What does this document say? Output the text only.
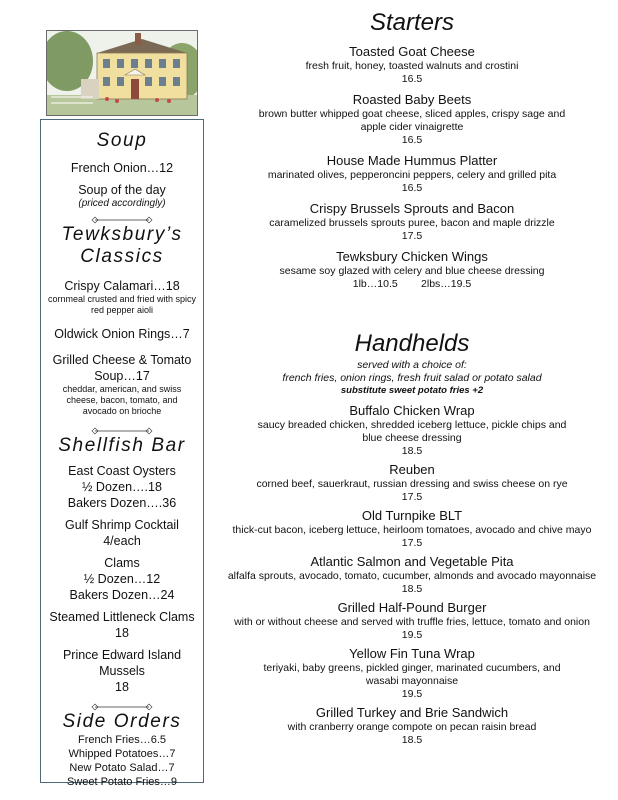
Soup
French Onion…12
Soup of the day
(priced accordingly)
Tewksbury’s Classics
Crispy Calamari…18
cornmeal crusted and fried with spicy red pepper aioli
Oldwick Onion Rings…7
Grilled Cheese & Tomato Soup…17
cheddar, american, and swiss cheese, bacon, tomato, and avocado on brioche
Shellfish Bar
East Coast Oysters
½ Dozen….18
Bakers Dozen….36
Gulf Shrimp Cocktail
4/each
Clams
½ Dozen…12
Bakers Dozen…24
Steamed Littleneck Clams
18
Prince Edward Island Mussels
18
Side Orders
French Fries…6.5
Whipped Potatoes…7
New Potato Salad…7
Sweet Potato Fries…9
Starters
Toasted Goat Cheese
fresh fruit, honey, toasted walnuts and crostini
16.5
Roasted Baby Beets
brown butter whipped goat cheese, sliced apples, crispy sage and apple cider vinaigrette
16.5
House Made Hummus Platter
marinated olives, pepperoncini peppers, celery and grilled pita
16.5
Crispy Brussels Sprouts and Bacon
caramelized brussels sprouts puree, bacon and maple drizzle
17.5
Tewksbury Chicken Wings
sesame soy glazed with celery and blue cheese dressing
1lb…10.5        2lbs…19.5
Handhelds
served with a choice of:
french fries, onion rings, fresh fruit salad or potato salad
substitute sweet potato fries +2
Buffalo Chicken Wrap
saucy breaded chicken, shredded iceberg lettuce, pickle chips and blue cheese dressing
18.5
Reuben
corned beef, sauerkraut, russian dressing and swiss cheese on rye
17.5
Old Turnpike BLT
thick-cut bacon, iceberg lettuce, heirloom tomatoes, avocado and chive mayo
17.5
Atlantic Salmon and Vegetable Pita
alfalfa sprouts, avocado, tomato, cucumber, almonds and avocado mayonnaise
18.5
Grilled Half-Pound Burger
with or without cheese and served with truffle fries, lettuce, tomato and onion
19.5
Yellow Fin Tuna Wrap
teriyaki, baby greens, pickled ginger, marinated cucumbers, and wasabi mayonnaise
19.5
Grilled Turkey and Brie Sandwich
with cranberry orange compote on pecan raisin bread
18.5
